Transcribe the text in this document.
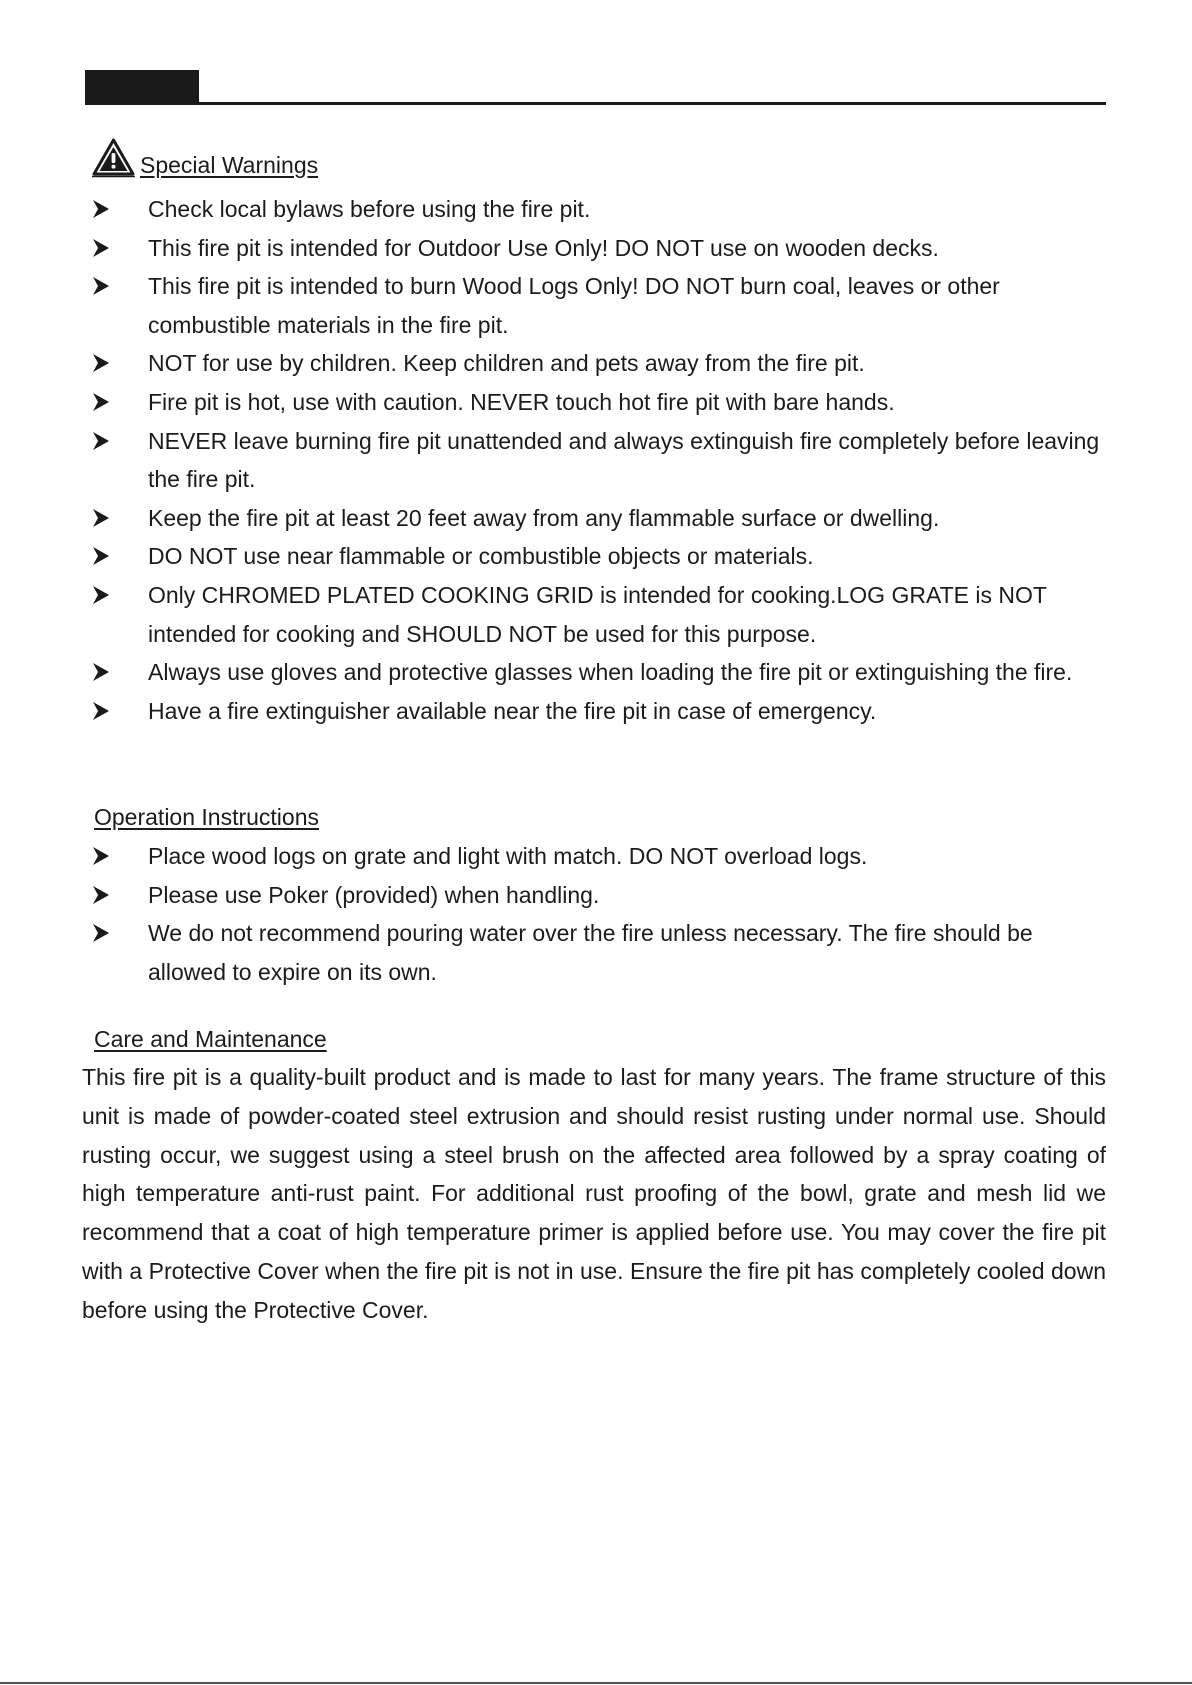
Special Warnings
Check local bylaws before using the fire pit.
This fire pit is intended for Outdoor Use Only! DO NOT use on wooden decks.
This fire pit is intended to burn Wood Logs Only! DO NOT burn coal, leaves or other combustible materials in the fire pit.
NOT for use by children. Keep children and pets away from the fire pit.
Fire pit is hot, use with caution. NEVER touch hot fire pit with bare hands.
NEVER leave burning fire pit unattended and always extinguish fire completely before leaving the fire pit.
Keep the fire pit at least 20 feet away from any flammable surface or dwelling.
DO NOT use near flammable or combustible objects or materials.
Only CHROMED PLATED COOKING GRID is intended for cooking.LOG GRATE is NOT intended for cooking and SHOULD NOT be used for this purpose.
Always use gloves and protective glasses when loading the fire pit or extinguishing the fire.
Have a fire extinguisher available near the fire pit in case of emergency.
Operation Instructions
Place wood logs on grate and light with match. DO NOT overload logs.
Please use Poker (provided) when handling.
We do not recommend pouring water over the fire unless necessary. The fire should be allowed to expire on its own.
Care and Maintenance
This fire pit is a quality-built product and is made to last for many years. The frame structure of this unit is made of powder-coated steel extrusion and should resist rusting under normal use. Should rusting occur, we suggest using a steel brush on the affected area followed by a spray coating of high temperature anti-rust paint. For additional rust proofing of the bowl, grate and mesh lid we recommend that a coat of high temperature primer is applied before use. You may cover the fire pit with a Protective Cover when the fire pit is not in use. Ensure the fire pit has completely cooled down before using the Protective Cover.
